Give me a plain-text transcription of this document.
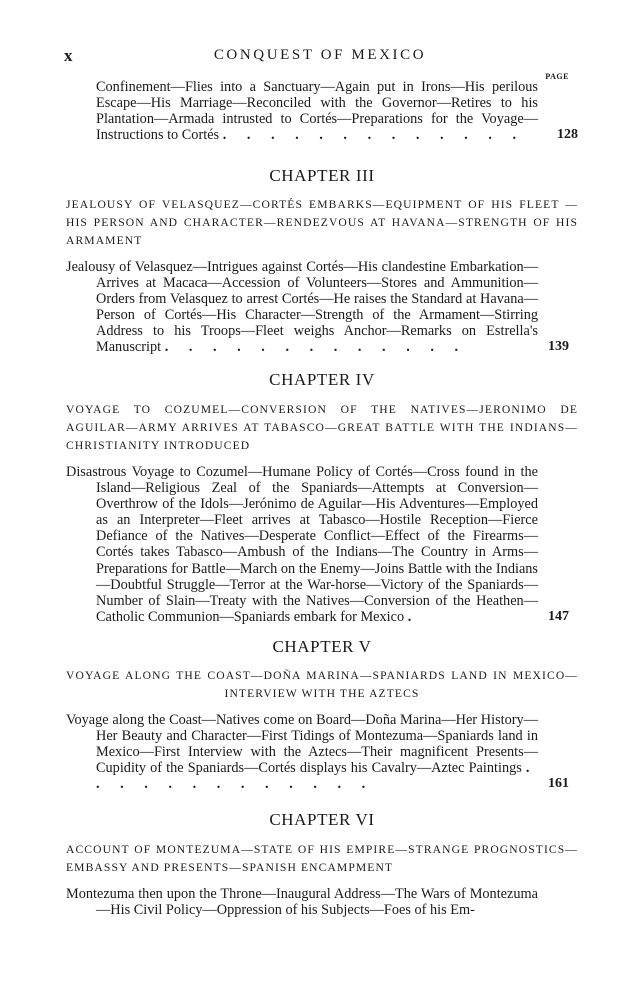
x	CONQUEST OF MEXICO
PAGE
Confinement—Flies into a Sanctuary—Again put in Irons—His perilous Escape—His Marriage—Reconciled with the Governor—Retires to his Plantation—Armada intrusted to Cortés—Preparations for the Voyage—Instructions to Cortés . . . . . . . . . . . . . 128
CHAPTER III
JEALOUSY OF VELASQUEZ—CORTÉS EMBARKS—EQUIPMENT OF HIS FLEET —HIS PERSON AND CHARACTER—RENDEZVOUS AT HAVANA—STRENGTH OF HIS ARMAMENT
Jealousy of Velasquez—Intrigues against Cortés—His clandestine Embarkation—Arrives at Macaca—Accession of Volunteers—Stores and Ammunition—Orders from Velasquez to arrest Cortés—He raises the Standard at Havana—Person of Cortés—His Character—Strength of the Armament—Stirring Address to his Troops—Fleet weighs Anchor—Remarks on Estrella's Manuscript . . . . . . . . . . . . .	139
CHAPTER IV
VOYAGE TO COZUMEL—CONVERSION OF THE NATIVES—JERONIMO DE AGUILAR—ARMY ARRIVES AT TABASCO—GREAT BATTLE WITH THE INDIANS—CHRISTIANITY INTRODUCED
Disastrous Voyage to Cozumel—Humane Policy of Cortés—Cross found in the Island—Religious Zeal of the Spaniards—Attempts at Conversion—Overthrow of the Idols—Jerónimo de Aguilar—His Adventures—Employed as an Interpreter—Fleet arrives at Tabasco—Hostile Reception—Fierce Defiance of the Natives—Desperate Conflict—Effect of the Firearms—Cortés takes Tabasco—Ambush of the Indians—The Country in Arms—Preparations for Battle—March on the Enemy—Joins Battle with the Indians—Doubtful Struggle—Terror at the War-horse—Victory of the Spaniards—Number of Slain—Treaty with the Natives—Conversion of the Heathen—Catholic Communion—Spaniards embark for Mexico .	147
CHAPTER V
VOYAGE ALONG THE COAST—DOÑA MARINA—SPANIARDS LAND IN MEXICO—INTERVIEW WITH THE AZTECS
Voyage along the Coast—Natives come on Board—Doña Marina—Her History—Her Beauty and Character—First Tidings of Montezuma—Spaniards land in Mexico—First Interview with the Aztecs—Their magnificent Presents—Cupidity of the Spaniards—Cortés displays his Cavalry—Aztec Paintings . . . . . . . . . . . . .	161
CHAPTER VI
ACCOUNT OF MONTEZUMA—STATE OF HIS EMPIRE—STRANGE PROGNOSTICS—EMBASSY AND PRESENTS—SPANISH ENCAMPMENT
Montezuma then upon the Throne—Inaugural Address—The Wars of Montezuma—His Civil Policy—Oppression of his Subjects—Foes of his Em-
